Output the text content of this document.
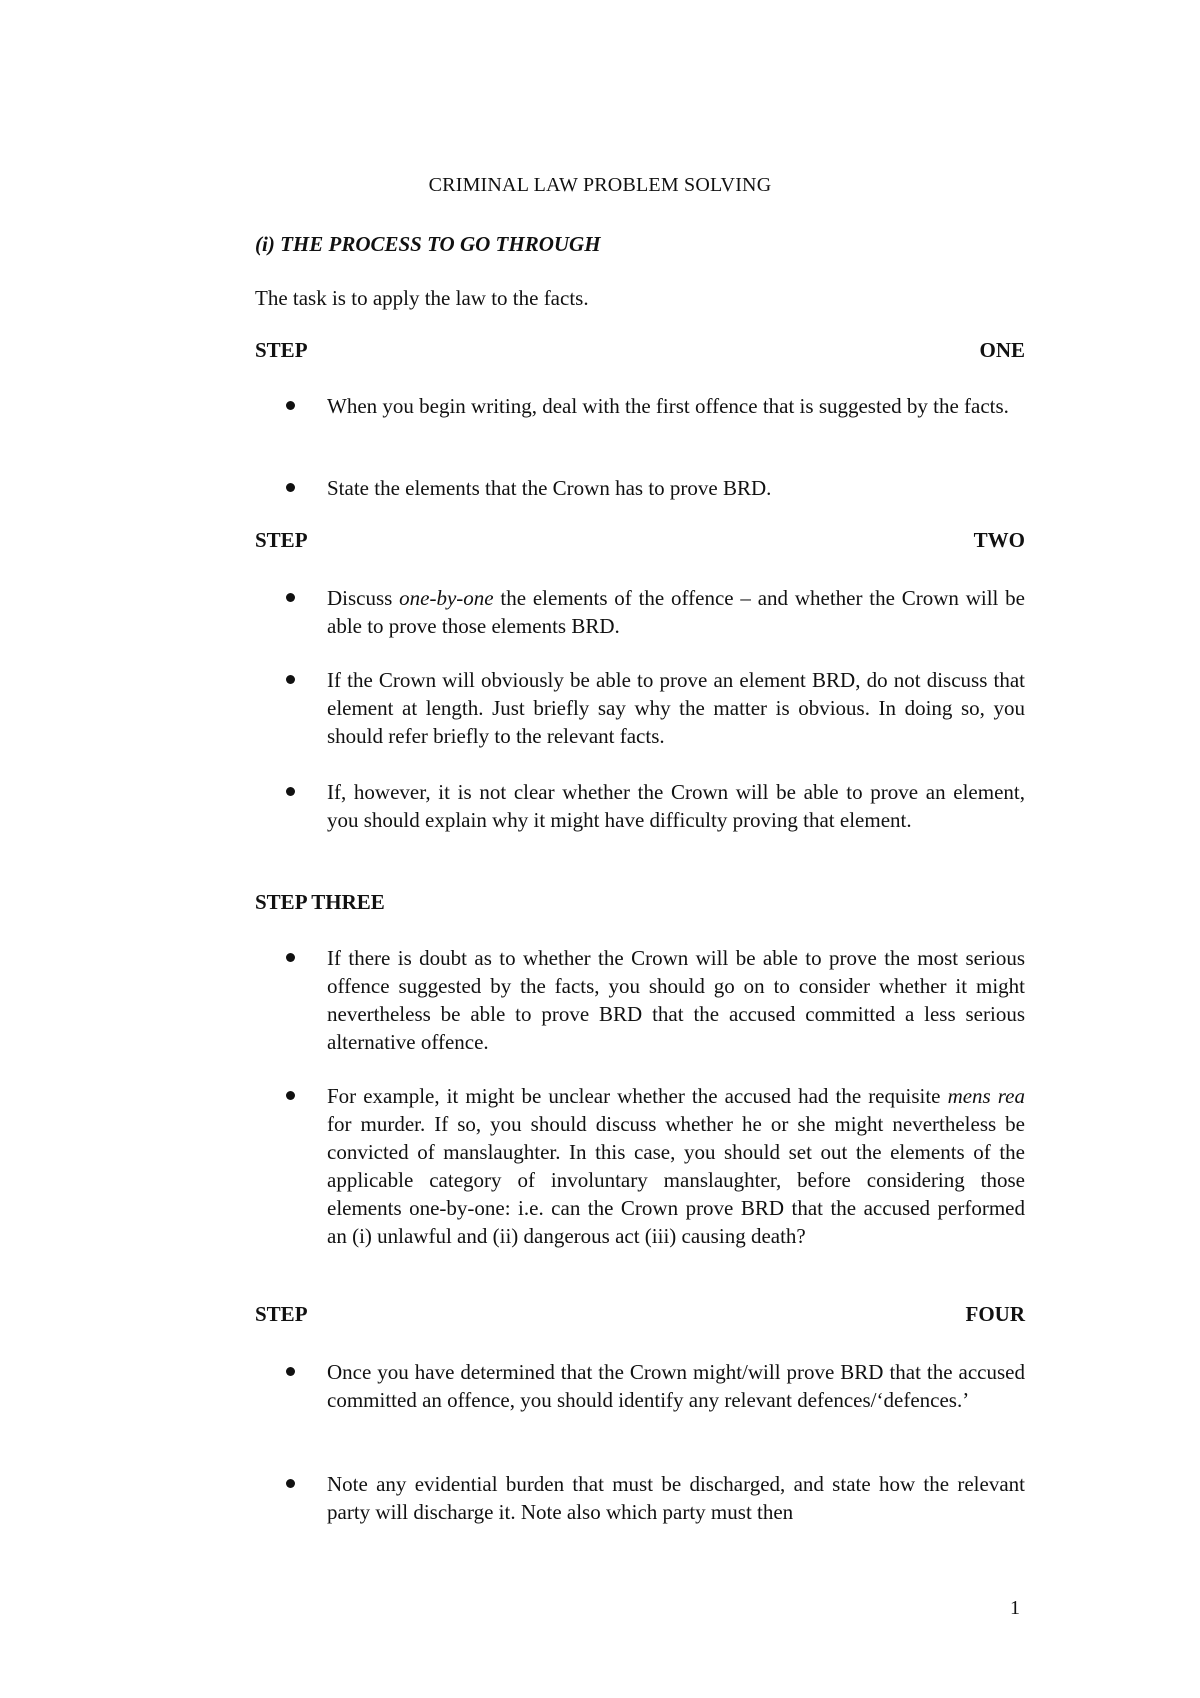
CRIMINAL LAW PROBLEM SOLVING
(i) THE PROCESS TO GO THROUGH
The task is to apply the law to the facts.
STEP	ONE
When you begin writing, deal with the first offence that is suggested by the facts.
State the elements that the Crown has to prove BRD.
STEP	TWO
Discuss one-by-one the elements of the offence – and whether the Crown will be able to prove those elements BRD.
If the Crown will obviously be able to prove an element BRD, do not discuss that element at length. Just briefly say why the matter is obvious. In doing so, you should refer briefly to the relevant facts.
If, however, it is not clear whether the Crown will be able to prove an element, you should explain why it might have difficulty proving that element.
STEP THREE
If there is doubt as to whether the Crown will be able to prove the most serious offence suggested by the facts, you should go on to consider whether it might nevertheless be able to prove BRD that the accused committed a less serious alternative offence.
For example, it might be unclear whether the accused had the requisite mens rea for murder. If so, you should discuss whether he or she might nevertheless be convicted of manslaughter. In this case, you should set out the elements of the applicable category of involuntary manslaughter, before considering those elements one-by-one: i.e. can the Crown prove BRD that the accused performed an (i) unlawful and (ii) dangerous act (iii) causing death?
STEP	FOUR
Once you have determined that the Crown might/will prove BRD that the accused committed an offence, you should identify any relevant defences/‘defences.’
Note any evidential burden that must be discharged, and state how the relevant party will discharge it. Note also which party must then
1
